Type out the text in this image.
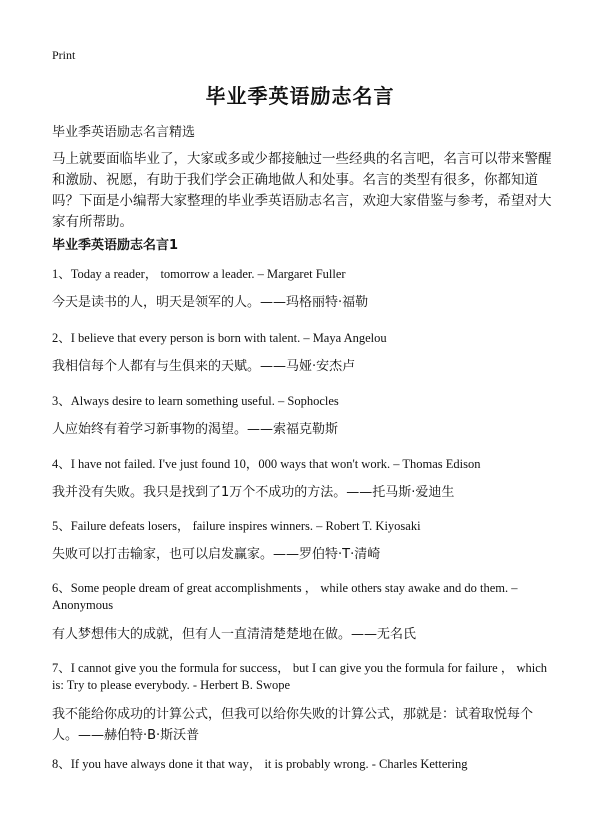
Print
毕业季英语励志名言
毕业季英语励志名言精选
马上就要面临毕业了，大家或多或少都接触过一些经典的名言吧，名言可以带来警醒和激励、祝愿，有助于我们学会正确地做人和处事。名言的类型有很多，你都知道吗？下面是小编帮大家整理的毕业季英语励志名言，欢迎大家借鉴与参考，希望对大家有所帮助。
毕业季英语励志名言1
1、Today a reader， tomorrow a leader. – Margaret Fuller
今天是读书的人，明天是领军的人。——玛格丽特·福勒
2、I believe that every person is born with talent. – Maya Angelou
我相信每个人都有与生俱来的天赋。——马娅·安杰卢
3、Always desire to learn something useful. – Sophocles
人应始终有着学习新事物的渴望。——索福克勒斯
4、I have not failed. I've just found 10，000 ways that won't work. – Thomas Edison
我并没有失败。我只是找到了1万个不成功的方法。——托马斯·爱迪生
5、Failure defeats losers， failure inspires winners. – Robert T. Kiyosaki
失败可以打击输家，也可以启发赢家。——罗伯特·T·清崎
6、Some people dream of great accomplishments ， while others stay awake and do them. – Anonymous
有人梦想伟大的成就，但有人一直清清楚楚地在做。——无名氏
7、I cannot give you the formula for success， but I can give you the formula for failure ， which is: Try to please everybody. - Herbert B. Swope
我不能给你成功的计算公式，但我可以给你失败的计算公式，那就是：试着取悦每个人。——赫伯特·B·斯沃普
8、If you have always done it that way， it is probably wrong. - Charles Kettering
